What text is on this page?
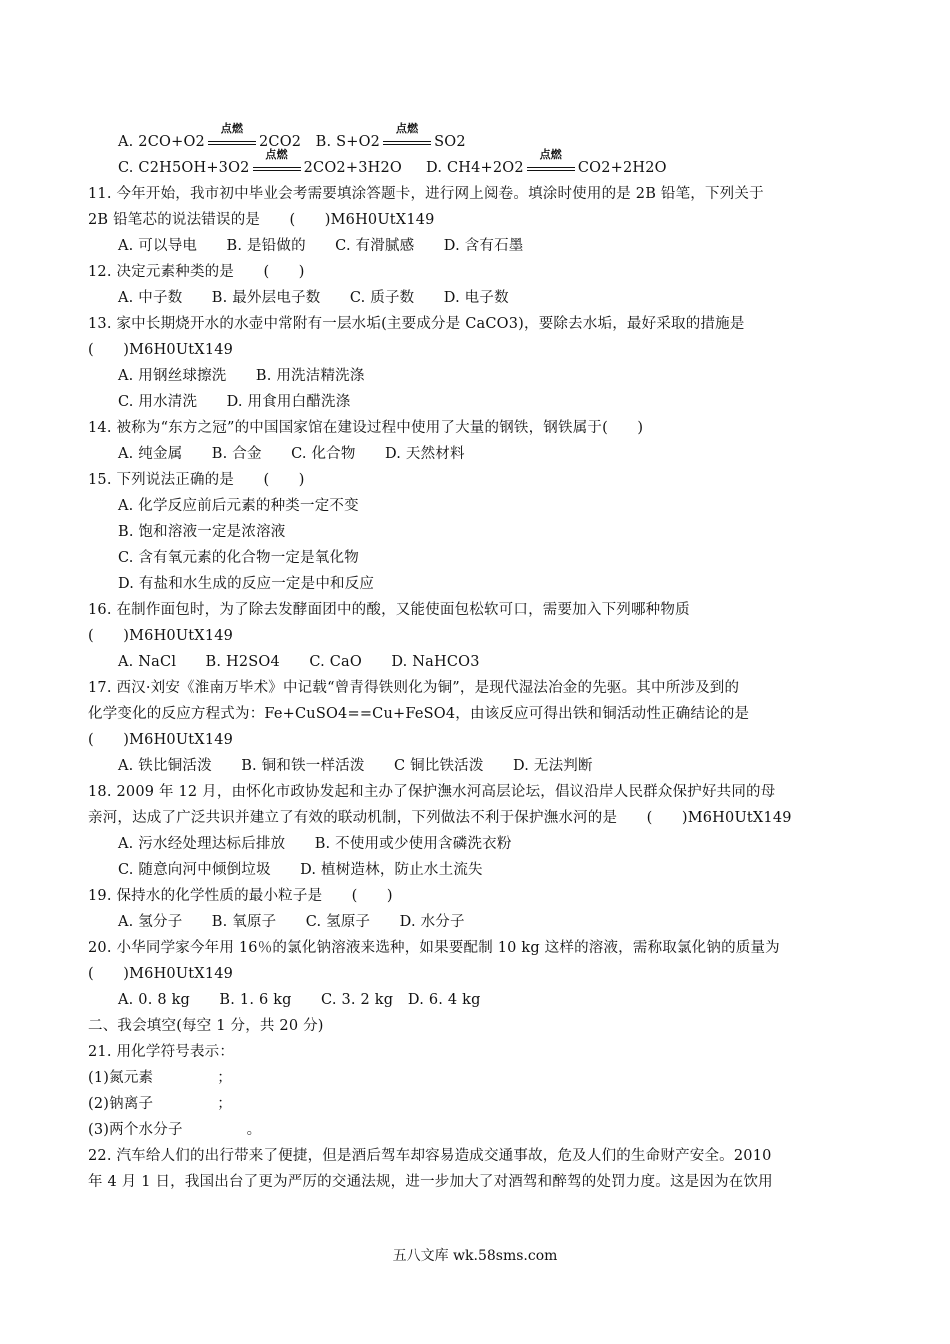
A. 2CO+O2
点燃
2CO2 B. S+O2
点燃
SO2
C. C2H5OH+3O2
点燃
2CO2+3H2O D. CH4+2O2
点燃
CO2+2H2O
11. 今年开始，我市初中毕业会考需要填涂答题卡，进行网上阅卷。填涂时使用的是 2B 铅笔，下列关于
2B 铅笔芯的说法错误的是　　(　　)M6H0UtX149
A. 可以导电　　B. 是铅做的　　C. 有滑腻感　　D. 含有石墨
12. 决定元素种类的是　　(　　)
A. 中子数　　B. 最外层电子数　　C. 质子数　　D. 电子数
13. 家中长期烧开水的水壶中常附有一层水垢(主要成分是 CaCO3)，要除去水垢，最好采取的措施是
(　　)M6H0UtX149
A. 用钢丝球擦洗　　B. 用洗洁精洗涤
C. 用水清洗　　D. 用食用白醋洗涤
14. 被称为“东方之冠”的中国国家馆在建设过程中使用了大量的钢铁，钢铁属于(　　)
A. 纯金属　　B. 合金　　C. 化合物　　D. 天然材料
15. 下列说法正确的是　　(　　)
A. 化学反应前后元素的种类一定不变
B. 饱和溶液一定是浓溶液
C. 含有氧元素的化合物一定是氧化物
D. 有盐和水生成的反应一定是中和反应
16. 在制作面包时，为了除去发酵面团中的酸，又能使面包松软可口，需要加入下列哪种物质
(　　)M6H0UtX149
A. NaCl　　B. H2SO4　　C. CaO　　D. NaHCO3
17. 西汉·刘安《淮南万毕术》中记载“曾青得铁则化为铜”，是现代湿法冶金的先驱。其中所涉及到的
化学变化的反应方程式为：Fe+CuSO4==Cu+FeSO4，由该反应可得出铁和铜活动性正确结论的是
(　　)M6H0UtX149
A. 铁比铜活泼　　B. 铜和铁一样活泼　　C 铜比铁活泼　　D. 无法判断
18. 2009 年 12 月，由怀化市政协发起和主办了保护潕水河高层论坛，倡议沿岸人民群众保护好共同的母
亲河，达成了广泛共识并建立了有效的联动机制，下列做法不利于保护潕水河的是　　(　　)M6H0UtX149
A. 污水经处理达标后排放　　B. 不使用或少使用含磷洗衣粉
C. 随意向河中倾倒垃圾　　D. 植树造林，防止水土流失
19. 保持水的化学性质的最小粒子是　　(　　)
A. 氢分子　　B. 氧原子　　C. 氢原子　　D. 水分子
20. 小华同学家今年用 16％的氯化钠溶液来选种，如果要配制 10 kg 这样的溶液，需称取氯化钠的质量为
(　　)M6H0UtX149
A. 0. 8 kg　　B. 1. 6 kg　　C. 3. 2 kg　D. 6. 4 kg
二、我会填空(每空 1 分，共 20 分)
21. 用化学符号表示：
(1)氮元素	；
(2)钠离子	；
(3)两个水分子	。
22. 汽车给人们的出行带来了便捷，但是酒后驾车却容易造成交通事故，危及人们的生命财产安全。2010
年 4 月 1 日，我国出台了更为严厉的交通法规，进一步加大了对酒驾和醉驾的处罚力度。这是因为在饮用
五八文库 wk.58sms.com
